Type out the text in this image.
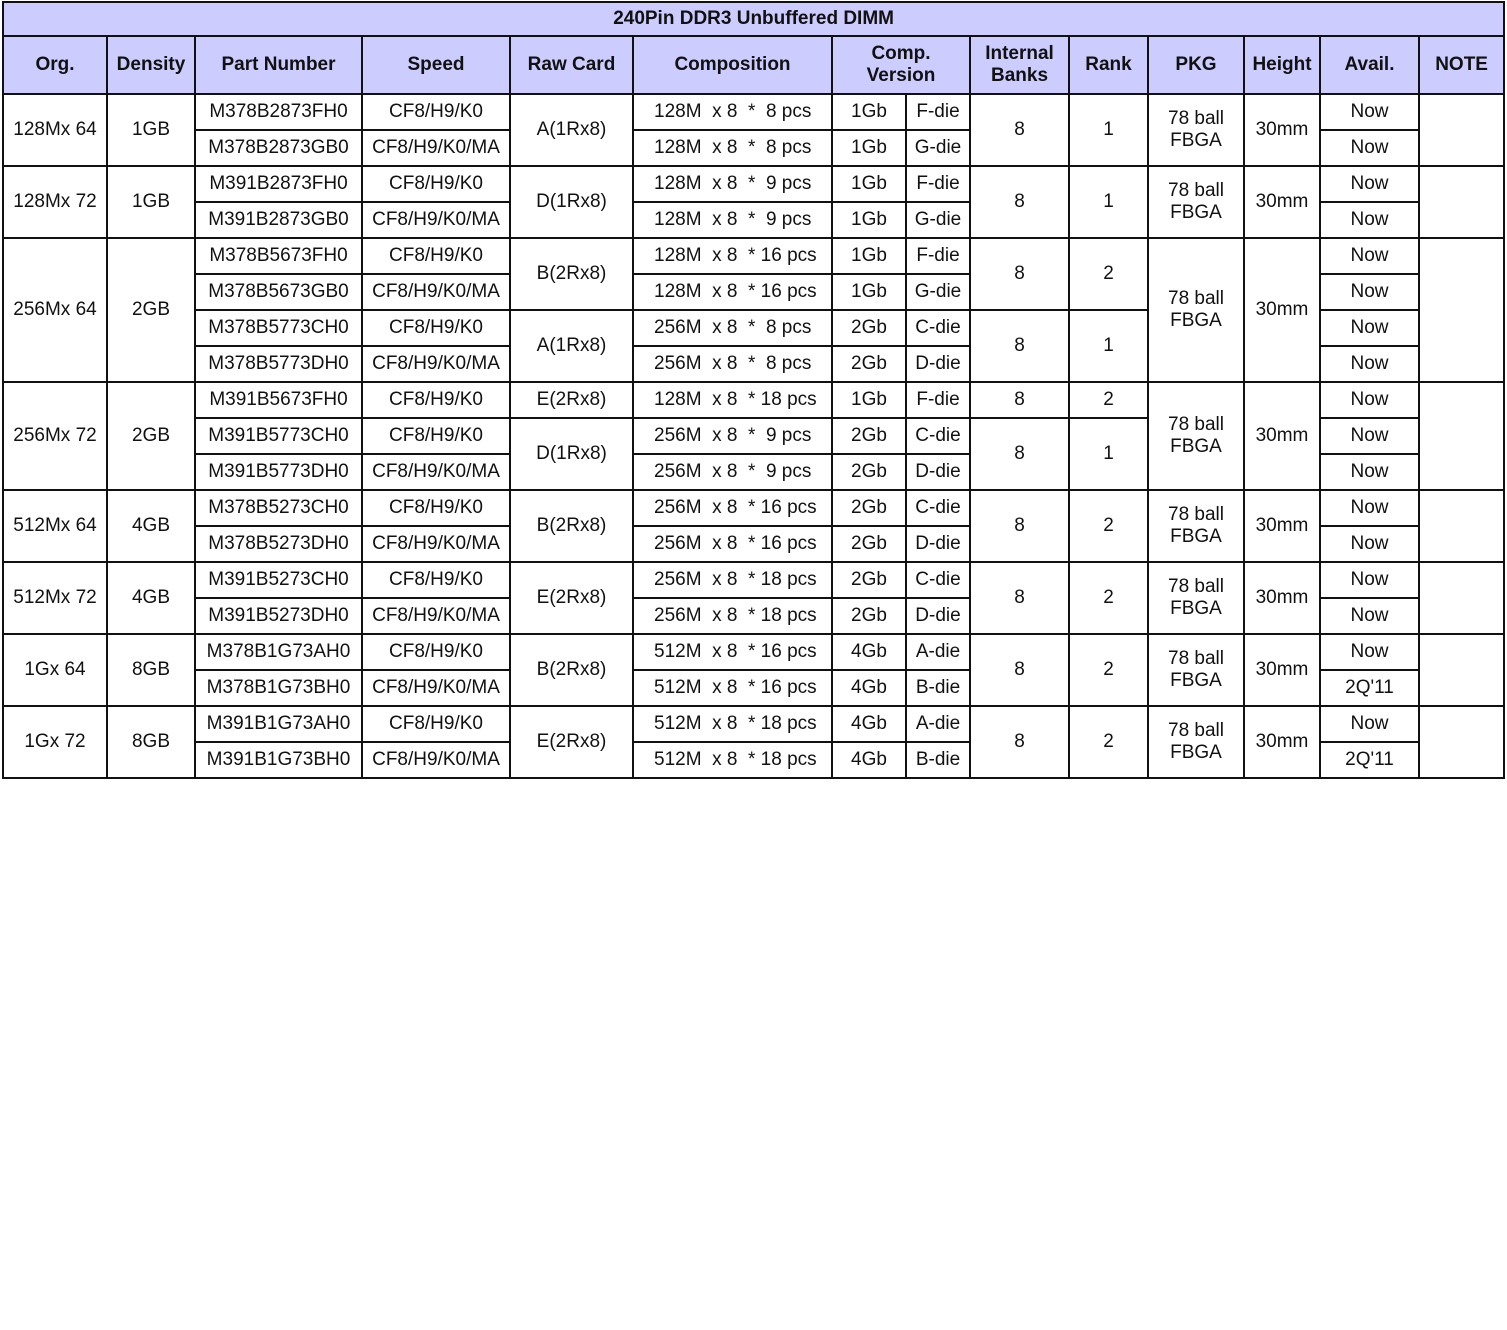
240Pin DDR3 Unbuffered DIMM													
Org.	Density	Part Number	Speed	Raw Card	Composition	Comp. Version		Internal Banks	Rank	PKG	Height	Avail.	NOTE
128Mx 64	1GB	M378B2873FH0	CF8/H9/K0	A(1Rx8)	128M  x 8  *  8 pcs	1Gb	F-die	8	1	78 ball FBGA	30mm	Now	
		M378B2873GB0	CF8/H9/K0/MA		128M  x 8  *  8 pcs	1Gb	G-die					Now	
128Mx 72	1GB	M391B2873FH0	CF8/H9/K0	D(1Rx8)	128M  x 8  *  9 pcs	1Gb	F-die	8	1	78 ball FBGA	30mm	Now	
		M391B2873GB0	CF8/H9/K0/MA		128M  x 8  *  9 pcs	1Gb	G-die					Now	
256Mx 64	2GB	M378B5673FH0	CF8/H9/K0	B(2Rx8)	128M  x 8  * 16 pcs	1Gb	F-die	8	2	78 ball FBGA	30mm	Now	
		M378B5673GB0	CF8/H9/K0/MA		128M  x 8  * 16 pcs	1Gb	G-die					Now	
		M378B5773CH0	CF8/H9/K0	A(1Rx8)	256M  x 8  *  8 pcs	2Gb	C-die	8	1			Now	
		M378B5773DH0	CF8/H9/K0/MA		256M  x 8  *  8 pcs	2Gb	D-die					Now	
256Mx 72	2GB	M391B5673FH0	CF8/H9/K0	E(2Rx8)	128M  x 8  * 18 pcs	1Gb	F-die	8	2	78 ball FBGA	30mm	Now	
		M391B5773CH0	CF8/H9/K0	D(1Rx8)	256M  x 8  *  9 pcs	2Gb	C-die	8	1			Now	
		M391B5773DH0	CF8/H9/K0/MA		256M  x 8  *  9 pcs	2Gb	D-die					Now	
512Mx 64	4GB	M378B5273CH0	CF8/H9/K0	B(2Rx8)	256M  x 8  * 16 pcs	2Gb	C-die	8	2	78 ball FBGA	30mm	Now	
		M378B5273DH0	CF8/H9/K0/MA		256M  x 8  * 16 pcs	2Gb	D-die					Now	
512Mx 72	4GB	M391B5273CH0	CF8/H9/K0	E(2Rx8)	256M  x 8  * 18 pcs	2Gb	C-die	8	2	78 ball FBGA	30mm	Now	
		M391B5273DH0	CF8/H9/K0/MA		256M  x 8  * 18 pcs	2Gb	D-die					Now	
1Gx 64	8GB	M378B1G73AH0	CF8/H9/K0	B(2Rx8)	512M  x 8  * 16 pcs	4Gb	A-die	8	2	78 ball FBGA	30mm	Now	
		M378B1G73BH0	CF8/H9/K0/MA		512M  x 8  * 16 pcs	4Gb	B-die					2Q'11	
1Gx 72	8GB	M391B1G73AH0	CF8/H9/K0	E(2Rx8)	512M  x 8  * 18 pcs	4Gb	A-die	8	2	78 ball FBGA	30mm	Now	
		M391B1G73BH0	CF8/H9/K0/MA		512M  x 8  * 18 pcs	4Gb	B-die					2Q'11	
